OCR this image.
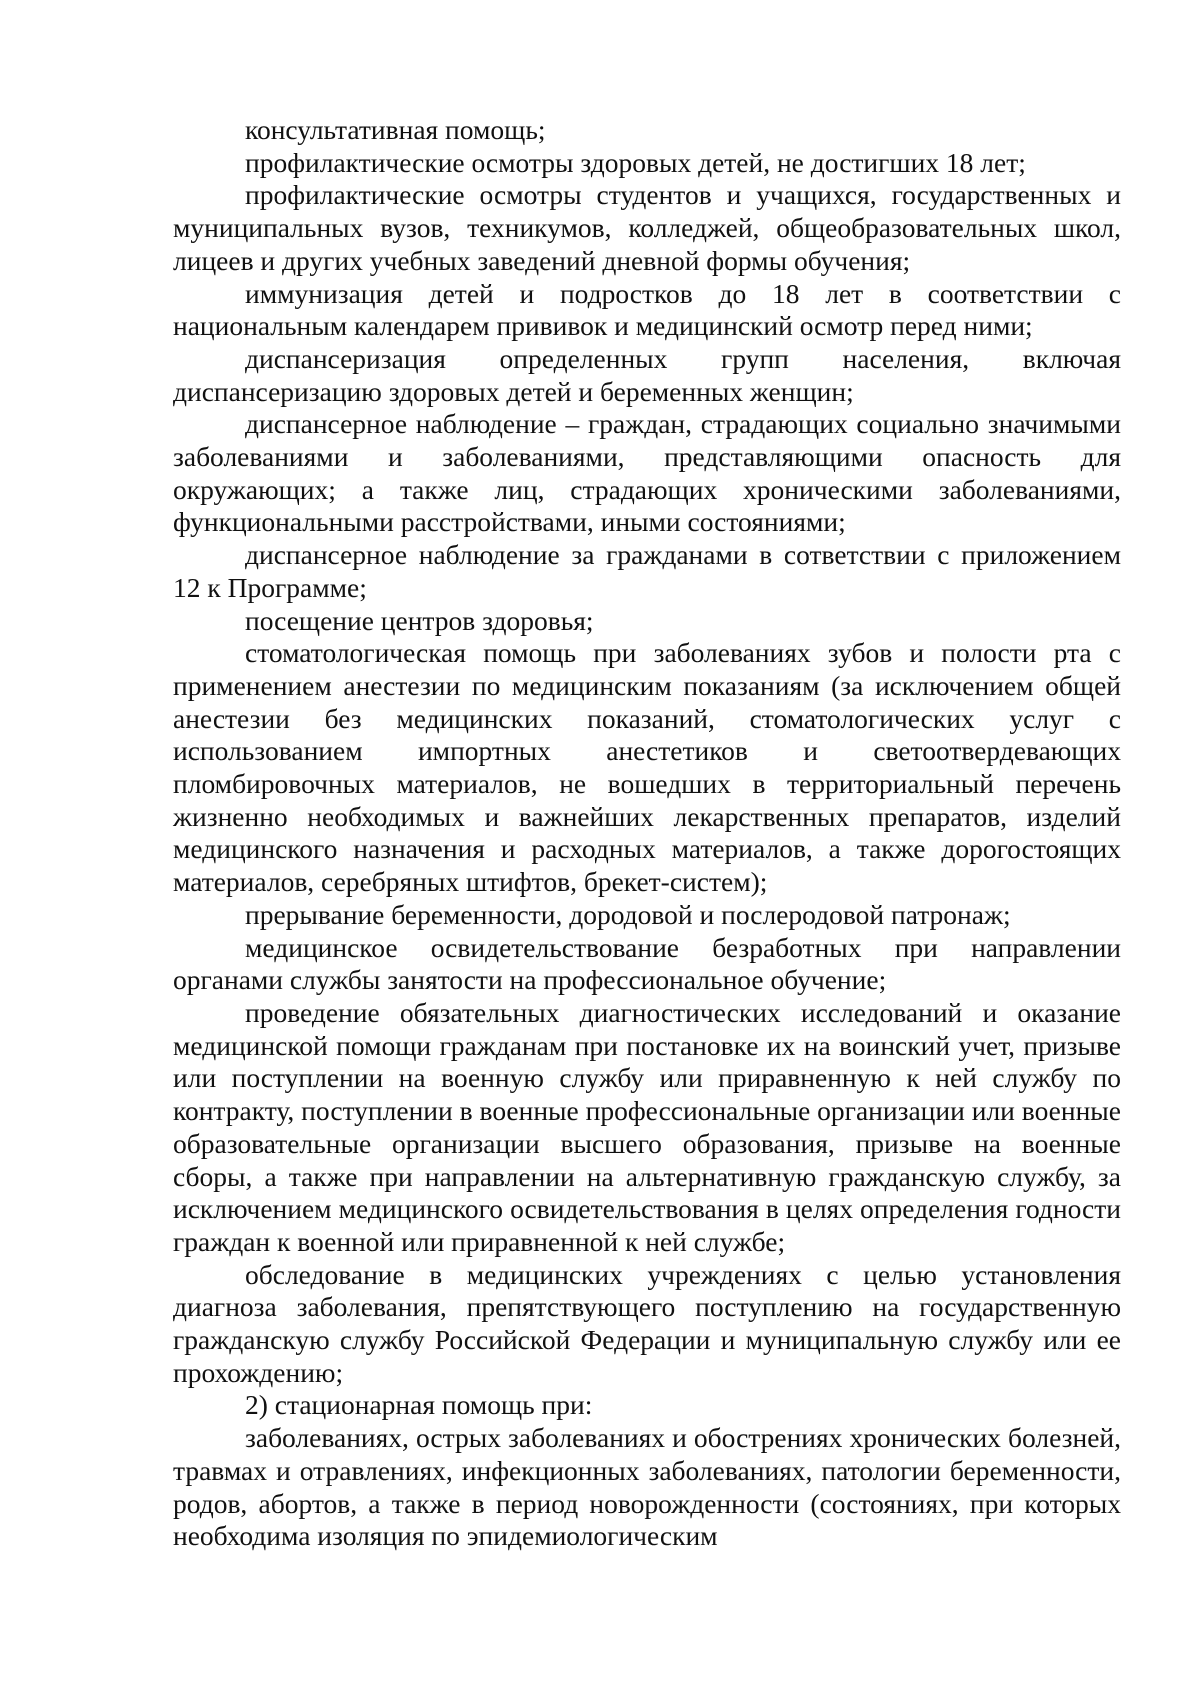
консультативная помощь;

профилактические осмотры здоровых детей, не достигших 18 лет;

профилактические осмотры студентов и учащихся, государственных и муниципальных вузов, техникумов, колледжей, общеобразовательных школ, лицеев и других учебных заведений дневной формы обучения;

иммунизация детей и подростков до 18 лет в соответствии с национальным календарем прививок и медицинский осмотр перед ними;

диспансеризация определенных групп населения, включая диспансеризацию здоровых детей и беременных женщин;

диспансерное наблюдение – граждан, страдающих социально значимыми заболеваниями и заболеваниями, представляющими опасность для окружающих; а также лиц, страдающих хроническими заболеваниями, функциональными расстройствами, иными состояниями;

диспансерное наблюдение за гражданами в сответствии с приложением 12 к Программе;

посещение центров здоровья;

стоматологическая помощь при заболеваниях зубов и полости рта с применением анестезии по медицинским показаниям (за исключением общей анестезии без медицинских показаний, стоматологических услуг с использованием импортных анестетиков и светоотвердевающих пломбировочных материалов, не вошедших в территориальный перечень жизненно необходимых и важнейших лекарственных препаратов, изделий медицинского назначения и расходных материалов, а также дорогостоящих материалов, серебряных штифтов, брекет-систем);

прерывание беременности, дородовой и послеродовой патронаж;

медицинское освидетельствование безработных при направлении органами службы занятости на профессиональное обучение;

проведение обязательных диагностических исследований и оказание медицинской помощи гражданам при постановке их на воинский учет, призыве или поступлении на военную службу или приравненную к ней службу по контракту, поступлении в военные профессиональные организации или военные образовательные организации высшего образования, призыве на военные сборы, а также при направлении на альтернативную гражданскую службу, за исключением медицинского освидетельствования в целях определения годности граждан к военной или приравненной к ней службе;

обследование в медицинских учреждениях с целью установления диагноза заболевания, препятствующего поступлению на государственную гражданскую службу Российской Федерации и муниципальную службу или ее прохождению;

2) стационарная помощь при:

заболеваниях, острых заболеваниях и обострениях хронических болезней, травмах и отравлениях, инфекционных заболеваниях, патологии беременности, родов, абортов, а также в период новорожденности (состояниях, при которых необходима изоляция по эпидемиологическим
